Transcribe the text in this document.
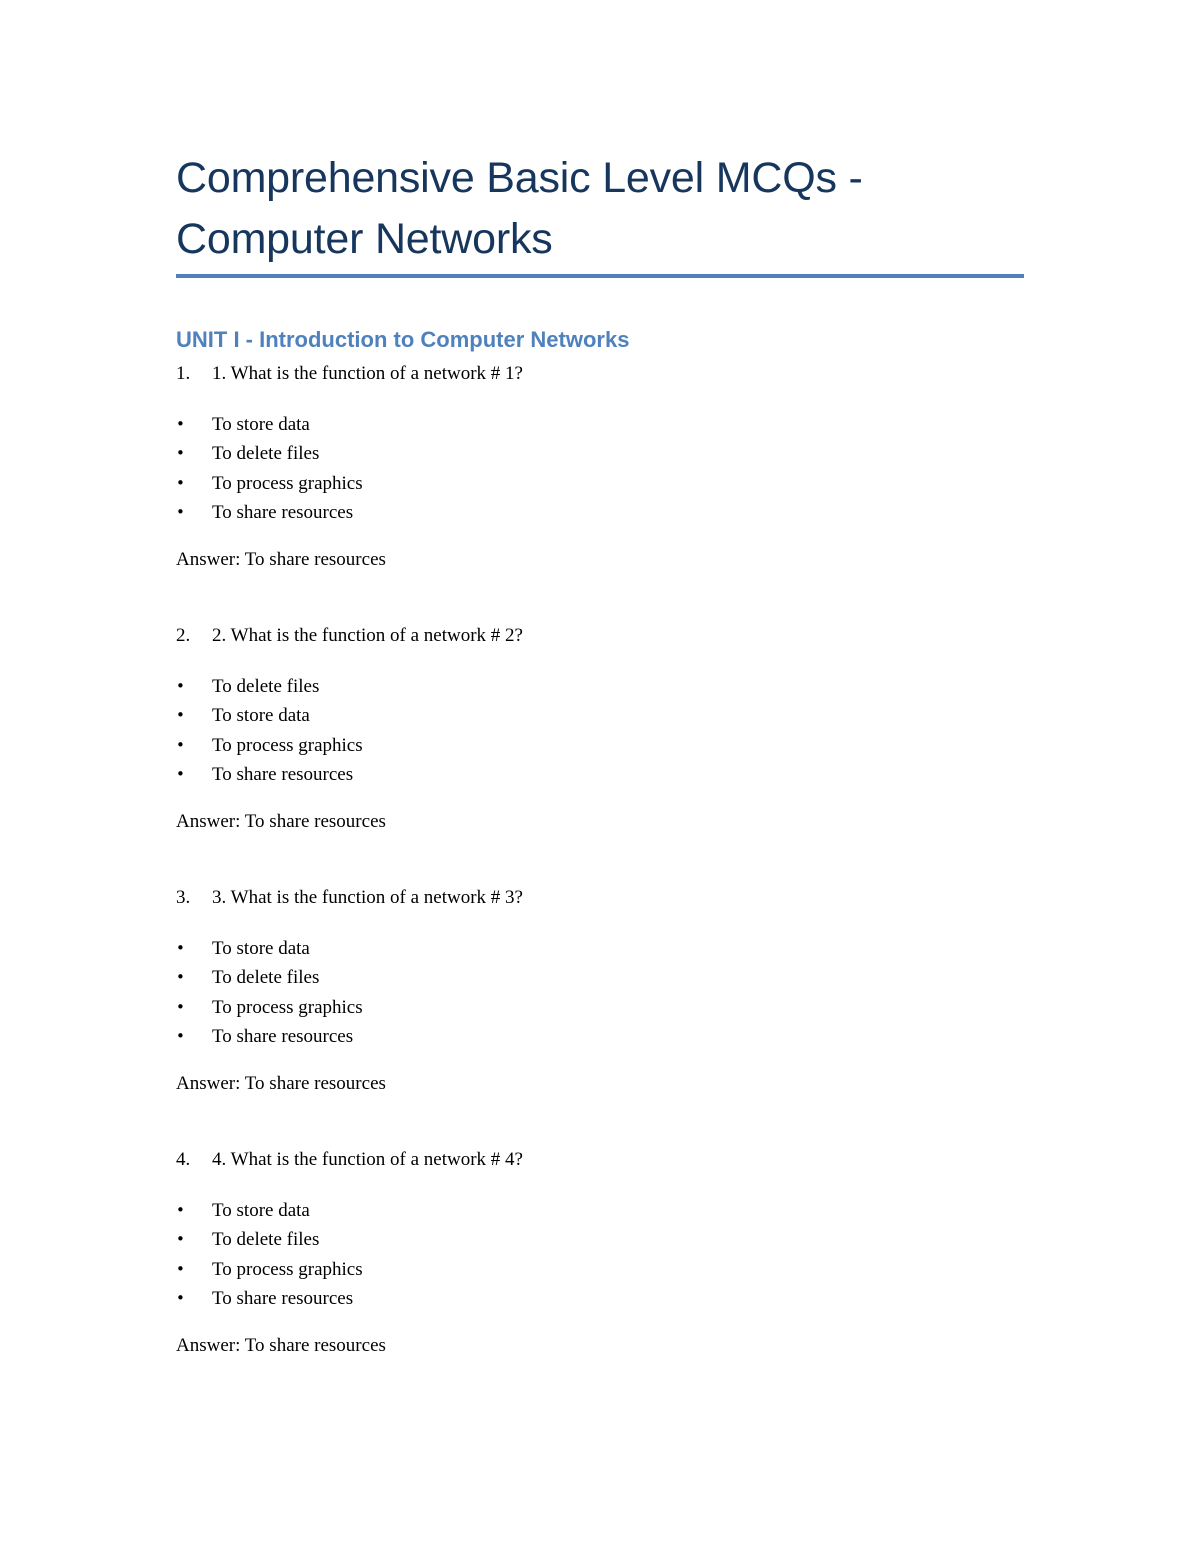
Comprehensive Basic Level MCQs -
Computer Networks
UNIT I - Introduction to Computer Networks
1. 1. What is the function of a network # 1?
• To store data
• To delete files
• To process graphics
• To share resources
Answer: To share resources
2. 2. What is the function of a network # 2?
• To delete files
• To store data
• To process graphics
• To share resources
Answer: To share resources
3. 3. What is the function of a network # 3?
• To store data
• To delete files
• To process graphics
• To share resources
Answer: To share resources
4. 4. What is the function of a network # 4?
• To store data
• To delete files
• To process graphics
• To share resources
Answer: To share resources
